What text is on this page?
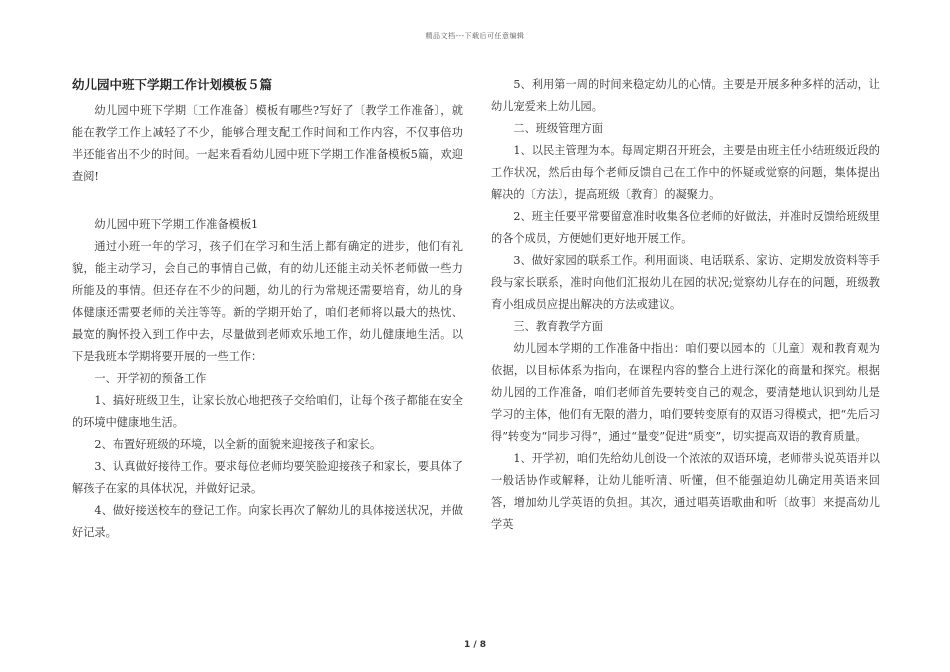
精品文档---下载后可任意编辑
幼儿园中班下学期工作计划模板５篇

幼儿园中班下学期〔工作准备〕模板有哪些?写好了〔教学工作准备〕，就能在教学工作上减轻了不少，能够合理支配工作时间和工作内容，不仅事倍功半还能省出不少的时间。一起来看看幼儿园中班下学期工作准备模板5篇，欢迎查阅!

幼儿园中班下学期工作准备模板1

通过小班一年的学习，孩子们在学习和生活上都有确定的进步，他们有礼貌，能主动学习，会自己的事情自己做，有的幼儿还能主动关怀老师做一些力所能及的事情。但还存在不少的问题，幼儿的行为常规还需要培育，幼儿的身体健康还需要老师的关注等等。新的学期开始了，咱们老师将以最大的热忱、最宽的胸怀投入到工作中去，尽量做到老师欢乐地工作，幼儿健康地生活。以下是我班本学期将要开展的一些工作：

一、开学初的预备工作

1、搞好班级卫生，让家长放心地把孩子交给咱们，让每个孩子都能在安全的环境中健康地生活。

2、布置好班级的环境，以全新的面貌来迎接孩子和家长。

3、认真做好接待工作。要求每位老师均要笑脸迎接孩子和家长，要具体了解孩子在家的具体状况，并做好记录。

4、做好接送校车的登记工作。向家长再次了解幼儿的具体接送状况，并做好记录。

5、利用第一周的时间来稳定幼儿的心情。主要是开展多种多样的活动，让幼儿宠爱来上幼儿园。

二、班级管理方面

1、以民主管理为本。每周定期召开班会，主要是由班主任小结班级近段的工作状况，然后由每个老师反馈自己在工作中的怀疑或觉察的问题，集体提出解决的〔方法〕，提高班级〔教育〕的凝聚力。

2、班主任要平常要留意准时收集各位老师的好做法，并准时反馈给班级里的各个成员，方便她们更好地开展工作。

3、做好家园的联系工作。利用面谈、电话联系、家访、定期发放资料等手段与家长联系，准时向他们汇报幼儿在园的状况;觉察幼儿存在的问题，班级教育小组成员应提出解决的方法或建议。

三、教育教学方面

幼儿园本学期的工作准备中指出：咱们要以园本的〔儿童〕观和教育观为依据，以目标体系为指向，在课程内容的整合上进行深化的商量和探究。根据幼儿园的工作准备，咱们老师首先要转变自己的观念，要清楚地认识到幼儿是学习的主体，他们有无限的潜力，咱们要转变原有的双语习得模式，把“先后习得”转变为“同步习得”，通过“量变”促进“质变”，切实提高双语的教育质量。

1、开学初，咱们先给幼儿创设一个浓浓的双语环境，老师带头说英语并以一般话协作或解释，让幼儿能听清、听懂，但不能强迫幼儿确定用英语来回答，增加幼儿学英语的负担。其次，通过唱英语歌曲和听〔故事〕来提高幼儿学英

1 / 8
